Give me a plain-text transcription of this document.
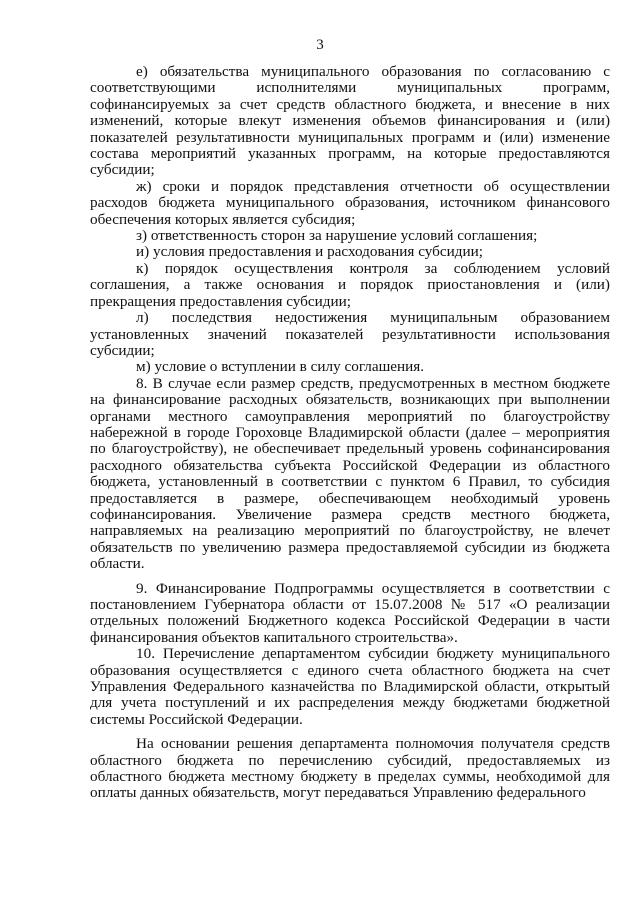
3

е) обязательства муниципального образования по согласованию с соответствующими исполнителями муниципальных программ, софинансируемых за счет средств областного бюджета, и внесение в них изменений, которые влекут изменения объемов финансирования и (или) показателей результативности муниципальных программ и (или) изменение состава мероприятий указанных программ, на которые предоставляются субсидии;

ж) сроки и порядок представления отчетности об осуществлении расходов бюджета муниципального образования, источником финансового обеспечения которых является субсидия;

з) ответственность сторон за нарушение условий соглашения;

и) условия предоставления и расходования субсидии;

к) порядок осуществления контроля за соблюдением условий соглашения, а также основания и порядок приостановления и (или) прекращения предоставления субсидии;

л) последствия недостижения муниципальным образованием установленных значений показателей результативности использования субсидии;

м) условие о вступлении в силу соглашения.

8. В случае если размер средств, предусмотренных в местном бюджете на финансирование расходных обязательств, возникающих при выполнении органами местного самоуправления мероприятий по благоустройству набережной в городе Гороховце Владимирской области (далее – мероприятия по благоустройству), не обеспечивает предельный уровень софинансирования расходного обязательства субъекта Российской Федерации из областного бюджета, установленный в соответствии с пунктом 6 Правил, то субсидия предоставляется в размере, обеспечивающем необходимый уровень софинансирования. Увеличение размера средств местного бюджета, направляемых на реализацию мероприятий по благоустройству, не влечет обязательств по увеличению размера предоставляемой субсидии из бюджета области.

9. Финансирование Подпрограммы осуществляется в соответствии с постановлением Губернатора области от 15.07.2008 № 517 «О реализации отдельных положений Бюджетного кодекса Российской Федерации в части финансирования объектов капитального строительства».

10. Перечисление департаментом субсидии бюджету муниципального образования осуществляется с единого счета областного бюджета на счет Управления Федерального казначейства по Владимирской области, открытый для учета поступлений и их распределения между бюджетами бюджетной системы Российской Федерации.

На основании решения департамента полномочия получателя средств областного бюджета по перечислению субсидий, предоставляемых из областного бюджета местному бюджету в пределах суммы, необходимой для оплаты данных обязательств, могут передаваться Управлению федерального
